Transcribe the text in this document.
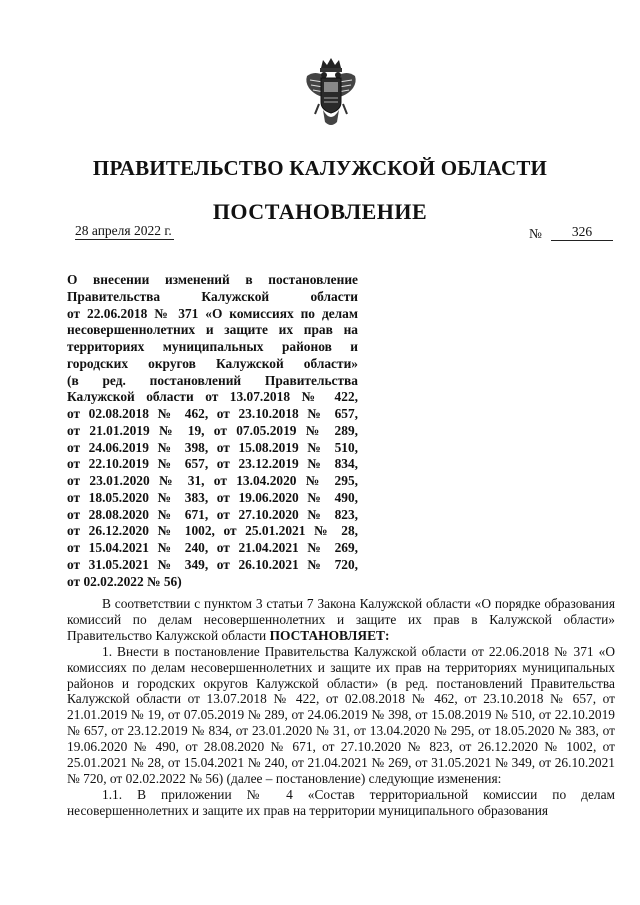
ПРАВИТЕЛЬСТВО КАЛУЖСКОЙ ОБЛАСТИ
ПОСТАНОВЛЕНИЕ
28 апреля 2022 г.	№	326
О внесении изменений в постановление
Правительства Калужской области
от 22.06.2018 № 371 «О комиссиях по делам
несовершеннолетних и защите их прав на
территориях муниципальных районов и
городских округов Калужской области»
(в ред. постановлений Правительства
Калужской области от 13.07.2018 № 422,
от 02.08.2018 № 462, от 23.10.2018 № 657,
от 21.01.2019 № 19, от 07.05.2019 № 289,
от 24.06.2019 № 398, от 15.08.2019 № 510,
от 22.10.2019 № 657, от 23.12.2019 № 834,
от 23.01.2020 № 31, от 13.04.2020 № 295,
от 18.05.2020 № 383, от 19.06.2020 № 490,
от 28.08.2020 № 671, от 27.10.2020 № 823,
от 26.12.2020 № 1002, от 25.01.2021 № 28,
от 15.04.2021 № 240, от 21.04.2021 № 269,
от 31.05.2021 № 349, от 26.10.2021 № 720,
от 02.02.2022 № 56)

В соответствии с пунктом 3 статьи 7 Закона Калужской области «О порядке образования комиссий по делам несовершеннолетних и защите их прав в Калужской области» Правительство Калужской области ПОСТАНОВЛЯЕТ:

1. Внести в постановление Правительства Калужской области от 22.06.2018 № 371 «О комиссиях по делам несовершеннолетних и защите их прав на территориях муниципальных районов и городских округов Калужской области» (в ред. постановлений Правительства Калужской области от 13.07.2018 № 422, от 02.08.2018 № 462, от 23.10.2018 № 657, от 21.01.2019 № 19, от 07.05.2019 № 289, от 24.06.2019 № 398, от 15.08.2019 № 510, от 22.10.2019 № 657, от 23.12.2019 № 834, от 23.01.2020 № 31, от 13.04.2020 № 295, от 18.05.2020 № 383, от 19.06.2020 № 490, от 28.08.2020 № 671, от 27.10.2020 № 823, от 26.12.2020 № 1002, от 25.01.2021 № 28, от 15.04.2021 № 240, от 21.04.2021 № 269, от 31.05.2021 № 349, от 26.10.2021 № 720, от 02.02.2022 № 56) (далее – постановление) следующие изменения:

1.1. В приложении № 4 «Состав территориальной комиссии по делам несовершеннолетних и защите их прав на территории муниципального образования
